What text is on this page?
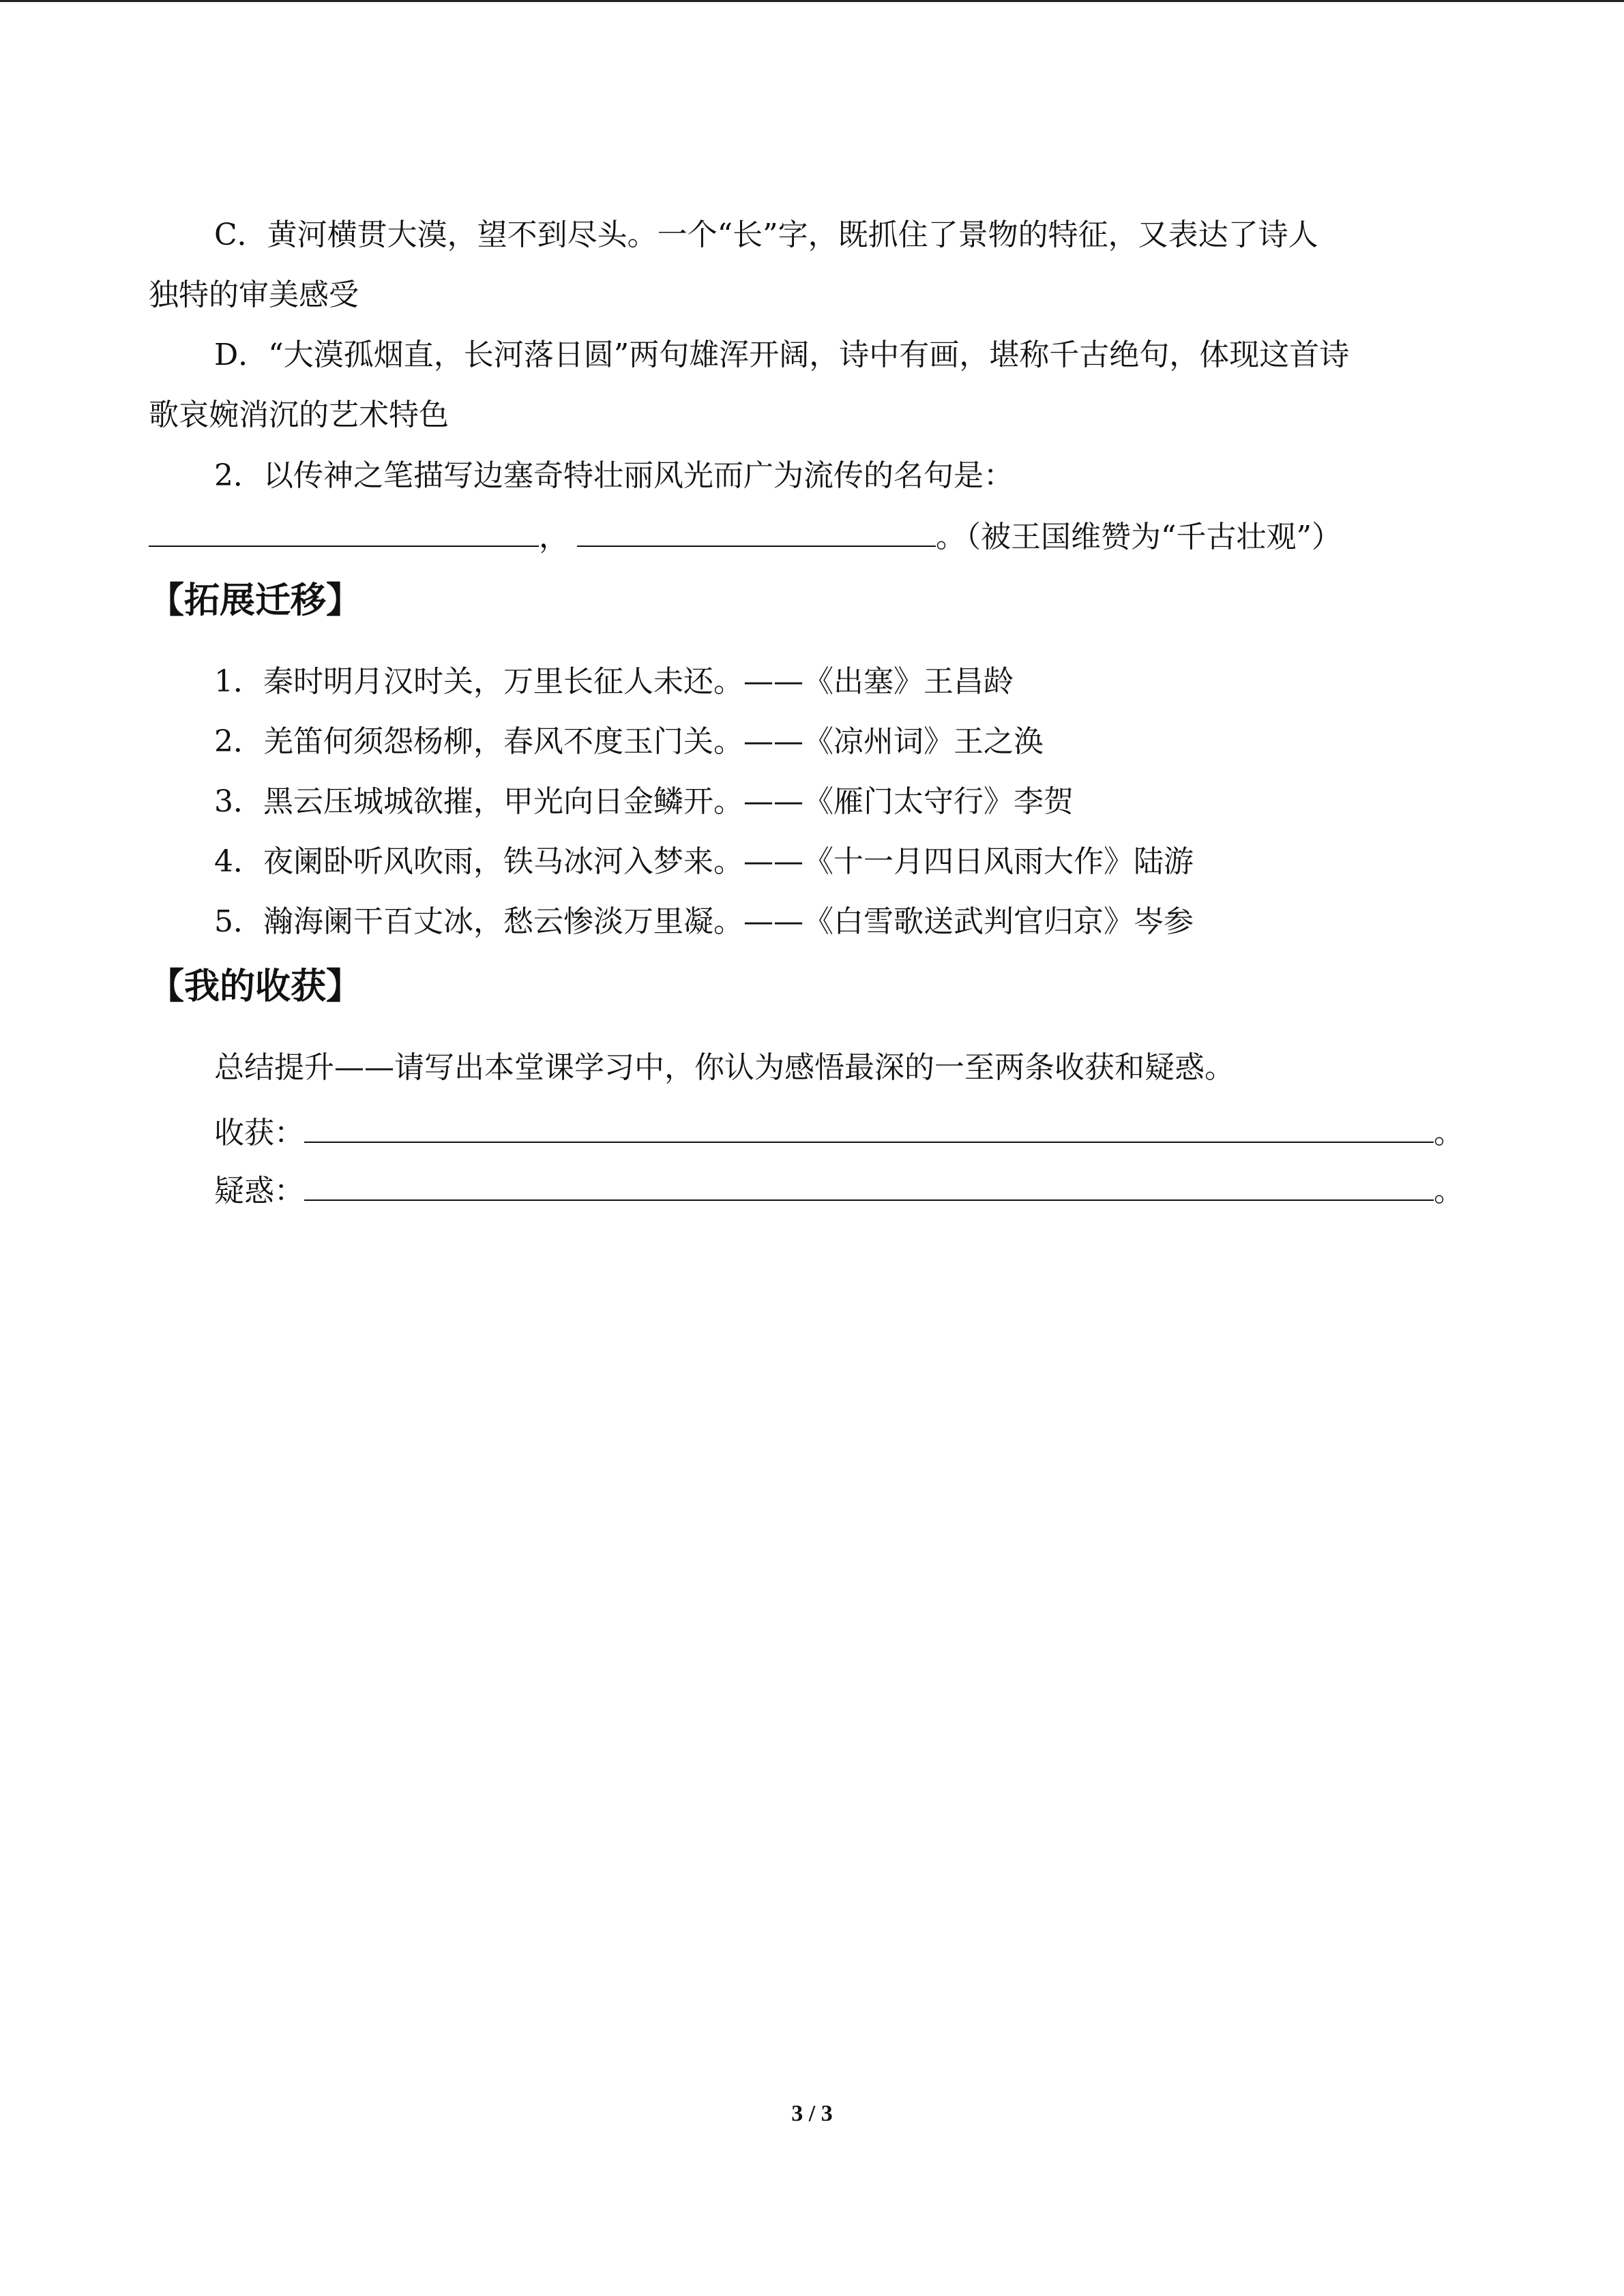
C．黄河横贯大漠，望不到尽头。一个“长”字，既抓住了景物的特征，又表达了诗人
独特的审美感受
D．“大漠孤烟直，长河落日圆”两句雄浑开阔，诗中有画，堪称千古绝句，体现这首诗
歌哀婉消沉的艺术特色
2．以传神之笔描写边塞奇特壮丽风光而广为流传的名句是：
，	。（被王国维赞为“千古壮观”）
【拓展迁移】
1．秦时明月汉时关，万里长征人未还。——《出塞》王昌龄
2．羌笛何须怨杨柳，春风不度玉门关。——《凉州词》王之涣
3．黑云压城城欲摧，甲光向日金鳞开。——《雁门太守行》李贺
4．夜阑卧听风吹雨，铁马冰河入梦来。——《十一月四日风雨大作》陆游
5．瀚海阑干百丈冰，愁云惨淡万里凝。——《白雪歌送武判官归京》岑参
【我的收获】
总结提升——请写出本堂课学习中，你认为感悟最深的一至两条收获和疑惑。
收获：	。
疑惑：	。
3 / 3
